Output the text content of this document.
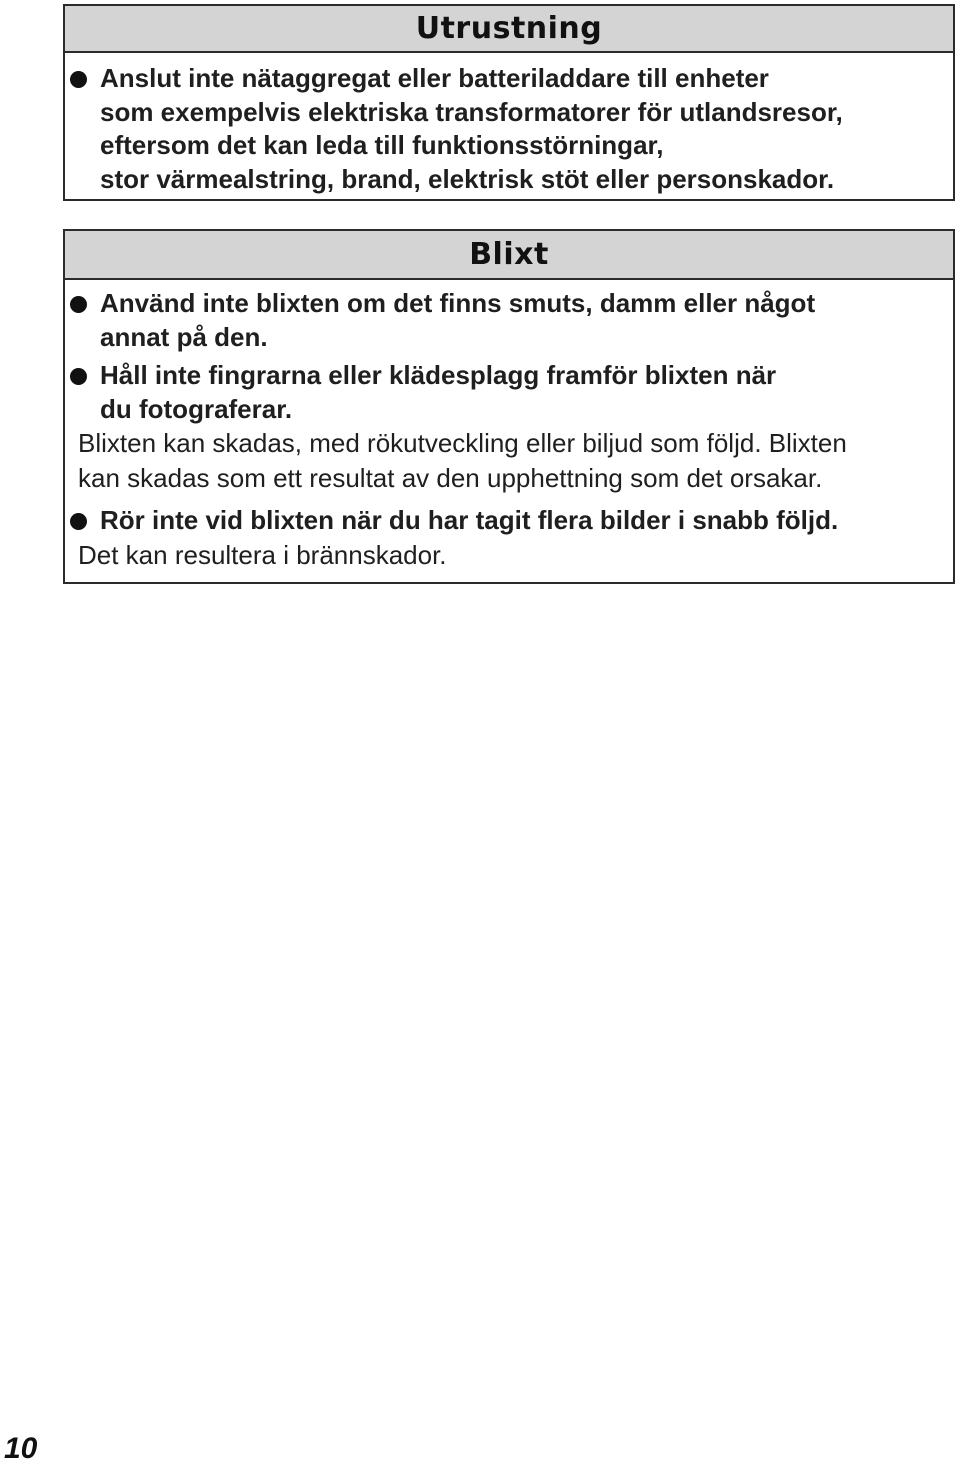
Utrustning
Anslut inte nätaggregat eller batteriladdare till enheter
som exempelvis elektriska transformatorer för utlandsresor,
eftersom det kan leda till funktionsstörningar,
stor värmealstring, brand, elektrisk stöt eller personskador.
Blixt
Använd inte blixten om det finns smuts, damm eller något
annat på den.
Håll inte fingrarna eller klädesplagg framför blixten när
du fotograferar.
Blixten kan skadas, med rökutveckling eller biljud som följd. Blixten
kan skadas som ett resultat av den upphettning som det orsakar.
Rör inte vid blixten när du har tagit flera bilder i snabb följd.
Det kan resultera i brännskador.
10
